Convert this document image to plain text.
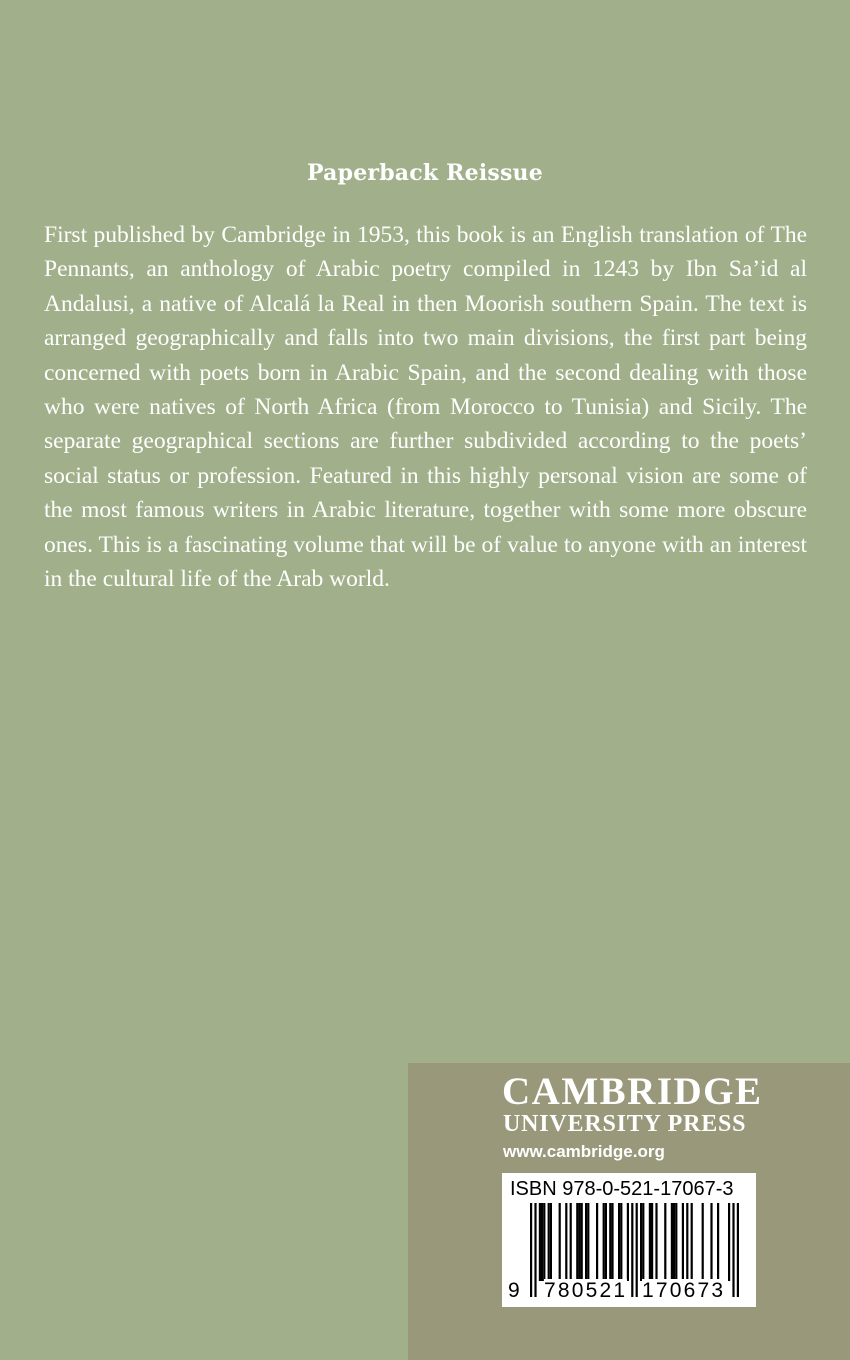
Paperback Reissue

First published by Cambridge in 1953, this book is an English translation of The Pennants, an anthology of Arabic poetry compiled in 1243 by Ibn Sa’id al Andalusi, a native of Alcalá la Real in then Moorish southern Spain. The text is arranged geographically and falls into two main divisions, the first part being concerned with poets born in Arabic Spain, and the second dealing with those who were natives of North Africa (from Morocco to Tunisia) and Sicily. The separate geographical sections are further subdivided according to the poets’ social status or profession. Featured in this highly personal vision are some of the most famous writers in Arabic literature, together with some more obscure ones. This is a fascinating volume that will be of value to anyone with an interest in the cultural life of the Arab world.

CAMBRIDGE
UNIVERSITY PRESS
www.cambridge.org
ISBN 978-0-521-17067-3
9 780521 170673
